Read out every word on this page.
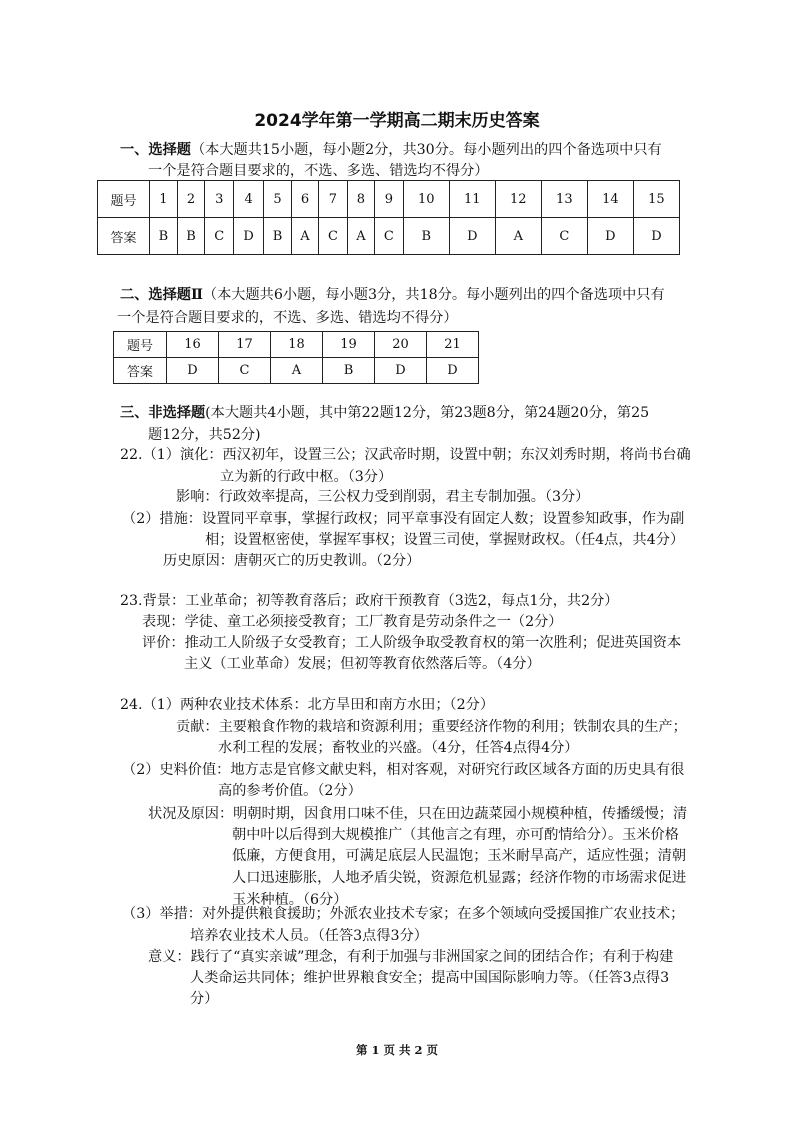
2024学年第一学期高二期末历史答案
一、选择题（本大题共15小题，每小题2分，共30分。每小题列出的四个备选项中只有
一个是符合题目要求的，不选、多选、错选均不得分）
题号	1	2	3	4	5	6	7	8	9	10	11	12	13	14	15
答案	B	B	C	D	B	A	C	A	C	B	D	A	C	D	D
二、选择题Ⅱ（本大题共6小题，每小题3分，共18分。每小题列出的四个备选项中只有
一个是符合题目要求的，不选、多选、错选均不得分）
题号	16	17	18	19	20	21
答案	D	C	A	B	D	D
三、非选择题(本大题共4小题，其中第22题12分，第23题8分，第24题20分，第25
题12分，共52分)
22.（1）演化：西汉初年，设置三公；汉武帝时期，设置中朝；东汉刘秀时期，将尚书台确
立为新的行政中枢。（3分）
影响：行政效率提高，三公权力受到削弱，君主专制加强。（3分）
（2）措施：设置同平章事，掌握行政权；同平章事没有固定人数；设置参知政事，作为副
相；设置枢密使，掌握军事权；设置三司使，掌握财政权。（任4点，共4分）
历史原因：唐朝灭亡的历史教训。（2分）
23.背景：工业革命；初等教育落后；政府干预教育（3选2，每点1分，共2分）
表现：学徒、童工必须接受教育；工厂教育是劳动条件之一（2分）
评价：推动工人阶级子女受教育；工人阶级争取受教育权的第一次胜利；促进英国资本
主义（工业革命）发展；但初等教育依然落后等。（4分）
24.（1）两种农业技术体系：北方旱田和南方水田；（2分）
贡献：主要粮食作物的栽培和资源利用；重要经济作物的利用；铁制农具的生产；
水利工程的发展；畜牧业的兴盛。（4分，任答4点得4分）
（2）史料价值：地方志是官修文献史料，相对客观，对研究行政区域各方面的历史具有很
高的参考价值。（2分）
状况及原因：明朝时期，因食用口味不佳，只在田边蔬菜园小规模种植，传播缓慢；清
朝中叶以后得到大规模推广（其他言之有理，亦可酌情给分）。玉米价格
低廉，方便食用，可满足底层人民温饱；玉米耐旱高产，适应性强；清朝
人口迅速膨胀，人地矛盾尖锐，资源危机显露；经济作物的市场需求促进
玉米种植。（6分）
（3）举措：对外提供粮食援助；外派农业技术专家；在多个领域向受援国推广农业技术；
培养农业技术人员。（任答3点得3分）
意义：践行了“真实亲诚”理念，有利于加强与非洲国家之间的团结合作；有利于构建
人类命运共同体；维护世界粮食安全；提高中国国际影响力等。（任答3点得3
分）
第 1 页 共 2 页
